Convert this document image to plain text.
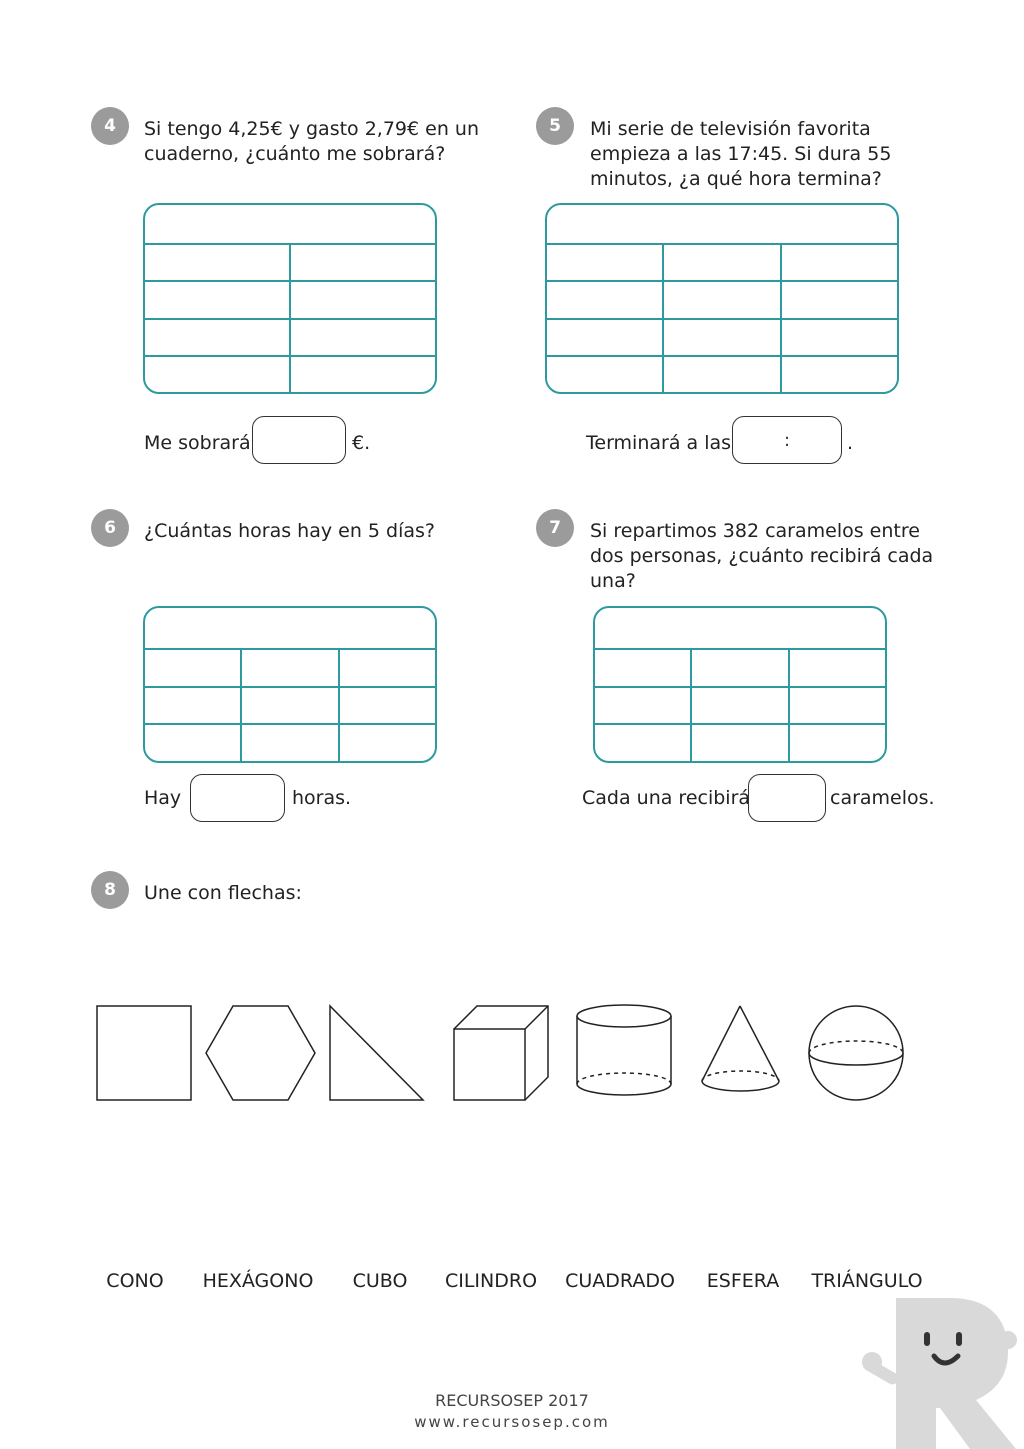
4	Si tengo 4,25€ y gasto 2,79€ en un
cuaderno, ¿cuánto me sobrará?
Me sobrará	€.
5	Mi serie de televisión favorita
empieza a las 17:45. Si dura 55
minutos, ¿a qué hora termina?
Terminará a las	:	.
6	¿Cuántas horas hay en 5 días?
Hay	horas.
7	Si repartimos 382 caramelos entre
dos personas, ¿cuánto recibirá cada
una?
Cada una recibirá	caramelos.
8	Une con flechas:
CONO HEXÁGONO CUBO CILINDRO CUADRADO ESFERA TRIÁNGULO
RECURSOSEP 2017
www.recursosep.com
